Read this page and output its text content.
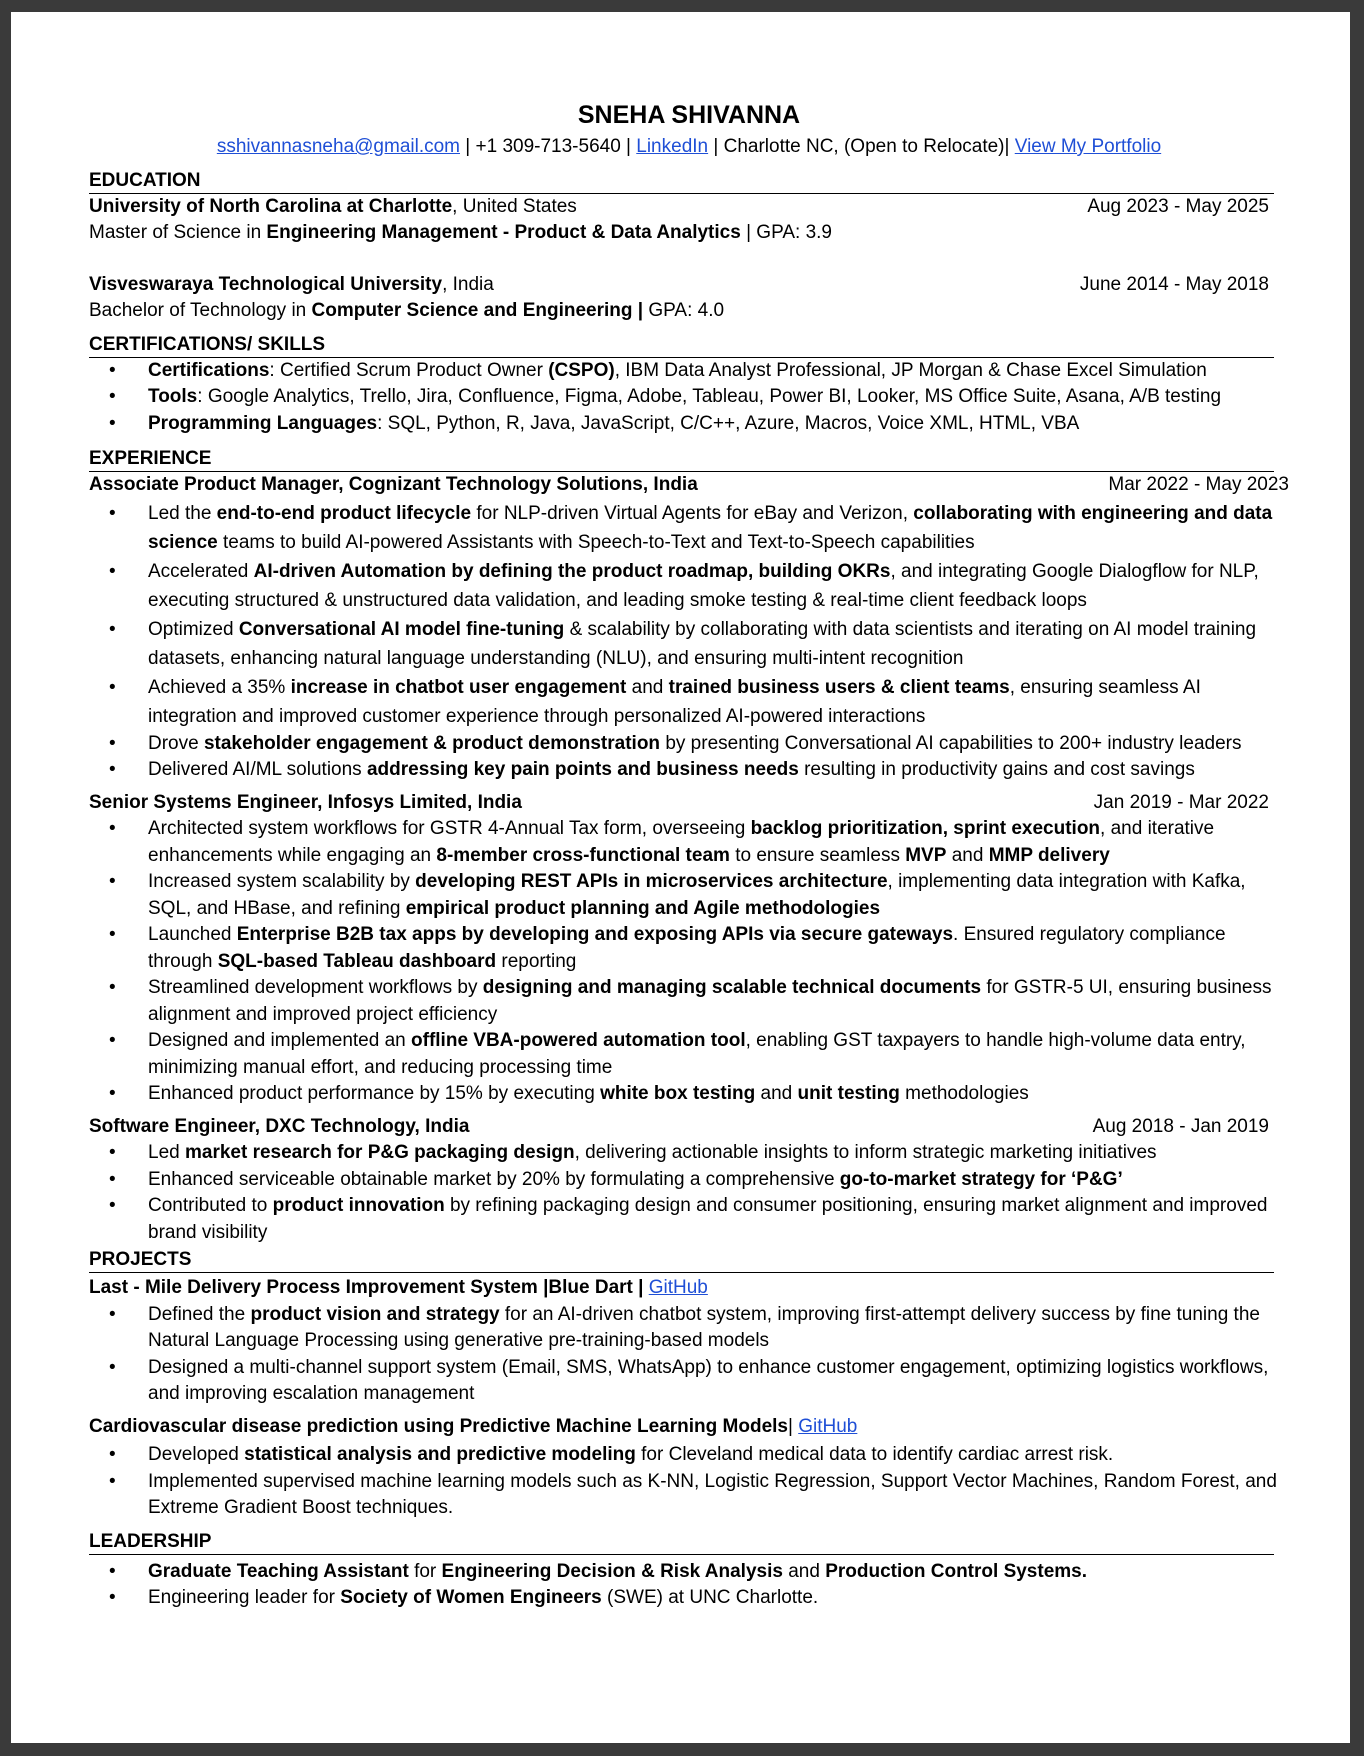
SNEHA SHIVANNA
sshivannasneha@gmail.com | +1 309-713-5640 | LinkedIn | Charlotte NC, (Open to Relocate)| View My Portfolio
EDUCATION
University of North Carolina at Charlotte, United States	Aug 2023 - May 2025
Master of Science in Engineering Management - Product & Data Analytics | GPA: 3.9
Visveswaraya Technological University, India	June 2014 - May 2018
Bachelor of Technology in Computer Science and Engineering | GPA: 4.0
CERTIFICATIONS/ SKILLS
• Certifications: Certified Scrum Product Owner (CSPO), IBM Data Analyst Professional, JP Morgan & Chase Excel Simulation
• Tools: Google Analytics, Trello, Jira, Confluence, Figma, Adobe, Tableau, Power BI, Looker, MS Office Suite, Asana, A/B testing
• Programming Languages: SQL, Python, R, Java, JavaScript, C/C++, Azure, Macros, Voice XML, HTML, VBA
EXPERIENCE
Associate Product Manager, Cognizant Technology Solutions, India	Mar 2022 - May 2023
• Led the end-to-end product lifecycle for NLP-driven Virtual Agents for eBay and Verizon, collaborating with engineering and data science teams to build AI-powered Assistants with Speech-to-Text and Text-to-Speech capabilities
• Accelerated AI-driven Automation by defining the product roadmap, building OKRs, and integrating Google Dialogflow for NLP, executing structured & unstructured data validation, and leading smoke testing & real-time client feedback loops
• Optimized Conversational AI model fine-tuning & scalability by collaborating with data scientists and iterating on AI model training datasets, enhancing natural language understanding (NLU), and ensuring multi-intent recognition
• Achieved a 35% increase in chatbot user engagement and trained business users & client teams, ensuring seamless AI integration and improved customer experience through personalized AI-powered interactions
• Drove stakeholder engagement & product demonstration by presenting Conversational AI capabilities to 200+ industry leaders
• Delivered AI/ML solutions addressing key pain points and business needs resulting in productivity gains and cost savings
Senior Systems Engineer, Infosys Limited, India	Jan 2019 - Mar 2022
• Architected system workflows for GSTR 4-Annual Tax form, overseeing backlog prioritization, sprint execution, and iterative enhancements while engaging an 8-member cross-functional team to ensure seamless MVP and MMP delivery
• Increased system scalability by developing REST APIs in microservices architecture, implementing data integration with Kafka, SQL, and HBase, and refining empirical product planning and Agile methodologies
• Launched Enterprise B2B tax apps by developing and exposing APIs via secure gateways. Ensured regulatory compliance through SQL-based Tableau dashboard reporting
• Streamlined development workflows by designing and managing scalable technical documents for GSTR-5 UI, ensuring business alignment and improved project efficiency
• Designed and implemented an offline VBA-powered automation tool, enabling GST taxpayers to handle high-volume data entry, minimizing manual effort, and reducing processing time
• Enhanced product performance by 15% by executing white box testing and unit testing methodologies
Software Engineer, DXC Technology, India	Aug 2018 - Jan 2019
• Led market research for P&G packaging design, delivering actionable insights to inform strategic marketing initiatives
• Enhanced serviceable obtainable market by 20% by formulating a comprehensive go-to-market strategy for ‘P&G’
• Contributed to product innovation by refining packaging design and consumer positioning, ensuring market alignment and improved brand visibility
PROJECTS
Last - Mile Delivery Process Improvement System |Blue Dart | GitHub
• Defined the product vision and strategy for an AI-driven chatbot system, improving first-attempt delivery success by fine tuning the Natural Language Processing using generative pre-training-based models
• Designed a multi-channel support system (Email, SMS, WhatsApp) to enhance customer engagement, optimizing logistics workflows, and improving escalation management
Cardiovascular disease prediction using Predictive Machine Learning Models| GitHub
• Developed statistical analysis and predictive modeling for Cleveland medical data to identify cardiac arrest risk.
• Implemented supervised machine learning models such as K-NN, Logistic Regression, Support Vector Machines, Random Forest, and Extreme Gradient Boost techniques.
LEADERSHIP
• Graduate Teaching Assistant for Engineering Decision & Risk Analysis and Production Control Systems.
• Engineering leader for Society of Women Engineers (SWE) at UNC Charlotte.
